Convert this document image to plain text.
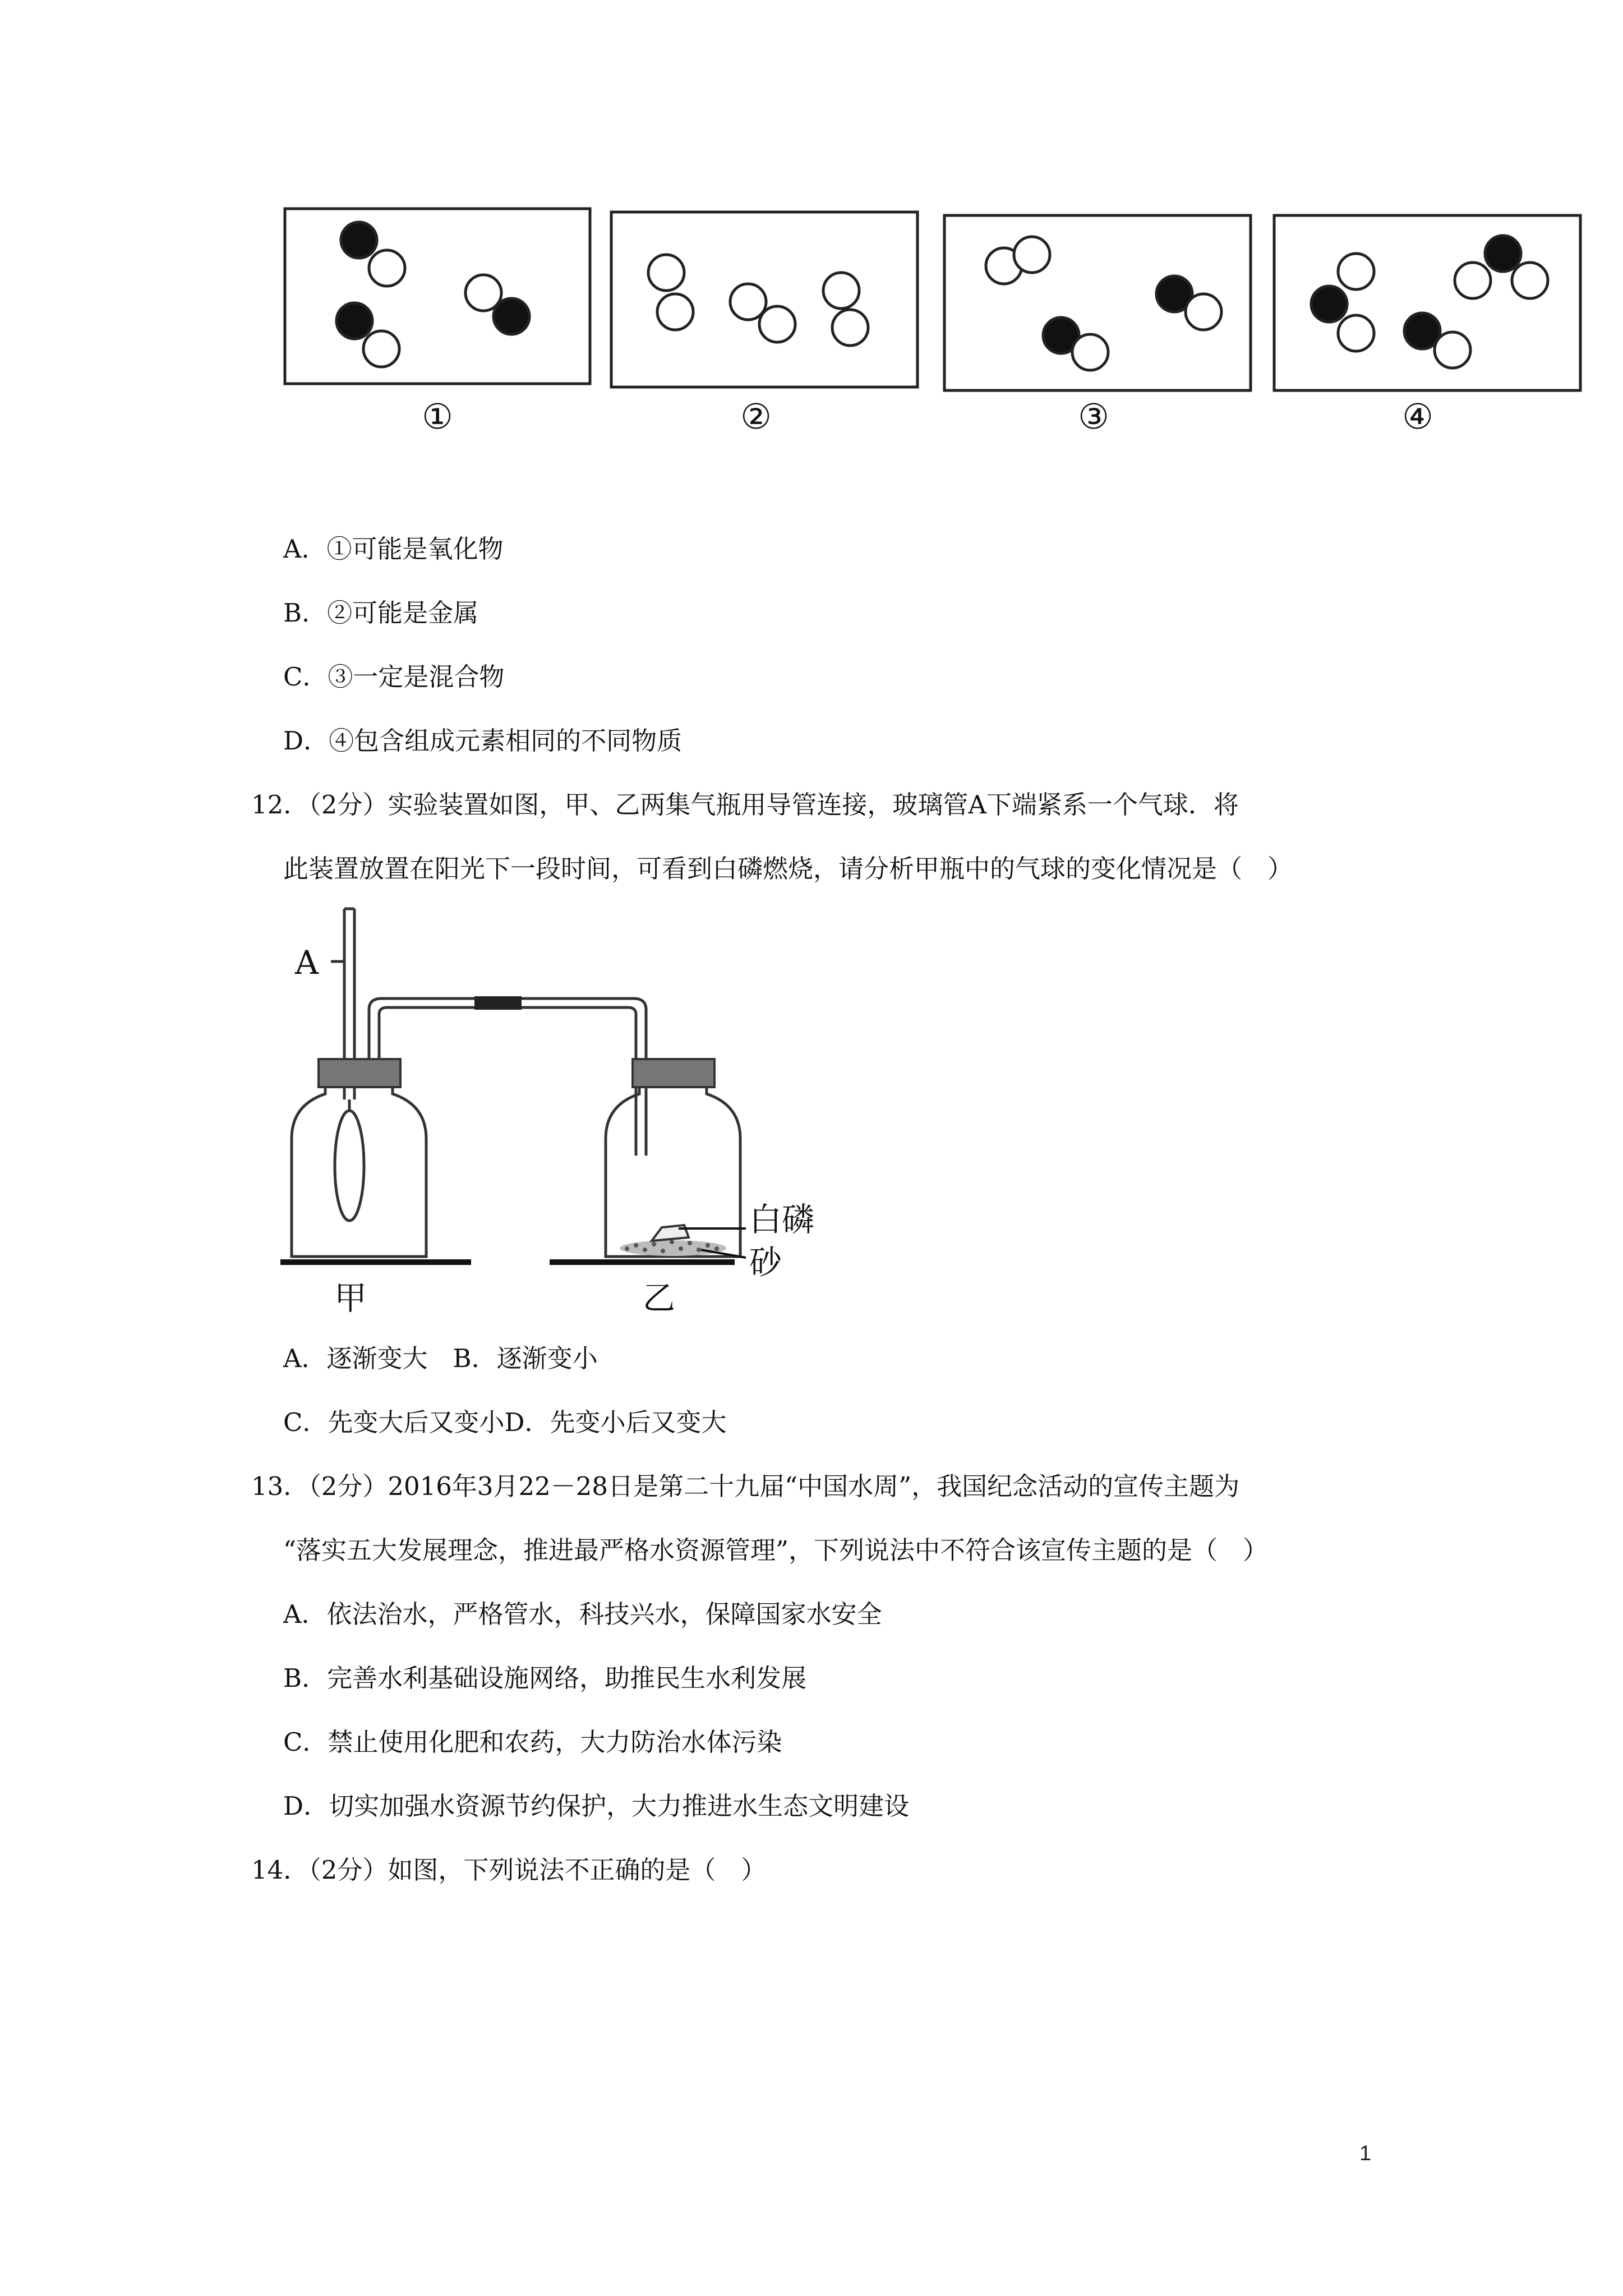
①	②	③	④
A．①可能是氧化物
B．②可能是金属
C．③一定是混合物
D．④包含组成元素相同的不同物质
12．（2分）实验装置如图，甲、乙两集气瓶用导管连接，玻璃管A下端紧系一个气球．将
此装置放置在阳光下一段时间，可看到白磷燃烧，请分析甲瓶中的气球的变化情况是（　）
A
白磷
砂
甲	乙
A．逐渐变大　B．逐渐变小
C．先变大后又变小D．先变小后又变大
13．（2分）2016年3月22－28日是第二十九届“中国水周”，我国纪念活动的宣传主题为
“落实五大发展理念，推进最严格水资源管理”，下列说法中不符合该宣传主题的是（　）
A．依法治水，严格管水，科技兴水，保障国家水安全
B．完善水利基础设施网络，助推民生水利发展
C．禁止使用化肥和农药，大力防治水体污染
D．切实加强水资源节约保护，大力推进水生态文明建设
14．（2分）如图，下列说法不正确的是（　）
1
